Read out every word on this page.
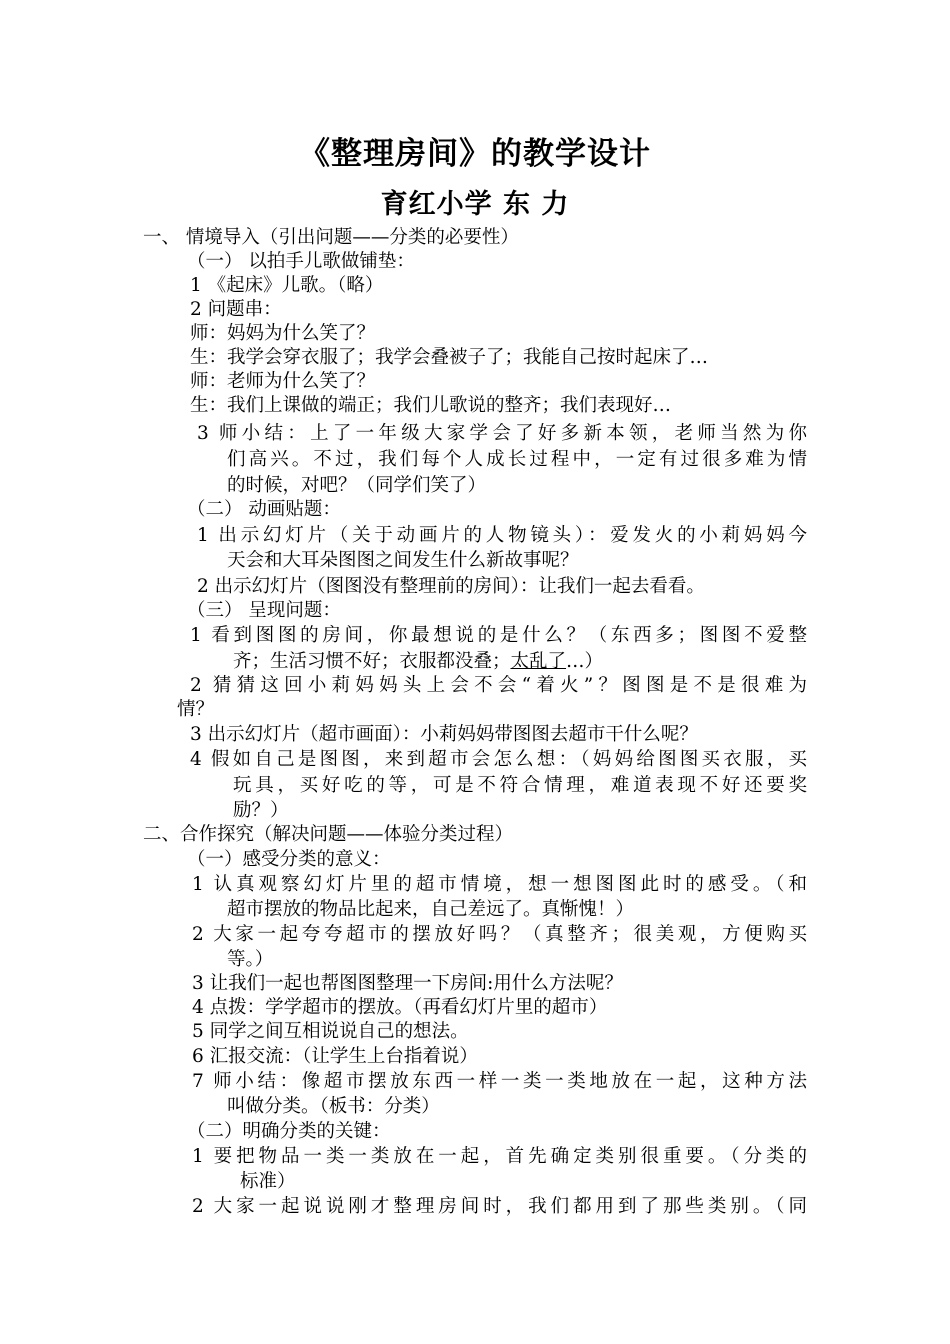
《整理房间》的教学设计
育红小学 东 力
一、 情境导入（引出问题——分类的必要性）
（一） 以拍手儿歌做铺垫：
1 《起床》儿歌。（略）
2 问题串：
师：妈妈为什么笑了？
生：我学会穿衣服了；我学会叠被子了；我能自己按时起床了…
师：老师为什么笑了？
生：我们上课做的端正；我们儿歌说的整齐；我们表现好…
3 师小结：上了一年级大家学会了好多新本领，老师当然为你
们高兴。不过，我们每个人成长过程中，一定有过很多难为情
的时候，对吧？（同学们笑了）
（二） 动画贴题：
1 出示幻灯片（关于动画片的人物镜头）：爱发火的小莉妈妈今
天会和大耳朵图图之间发生什么新故事呢？
2 出示幻灯片（图图没有整理前的房间）：让我们一起去看看。
（三） 呈现问题：
1 看到图图的房间，你最想说的是什么？（东西多；图图不爱整
齐；生活习惯不好；衣服都没叠；太乱了…）
2 猜猜这回小莉妈妈头上会不会“着火”？图图是不是很难为
情？
3 出示幻灯片（超市画面）：小莉妈妈带图图去超市干什么呢？
4 假如自己是图图，来到超市会怎么想：（妈妈给图图买衣服，买
玩具，买好吃的等，可是不符合情理，难道表现不好还要奖
励？）
二、合作探究（解决问题——体验分类过程）
（一）感受分类的意义：
1 认真观察幻灯片里的超市情境，想一想图图此时的感受。（和
超市摆放的物品比起来，自己差远了。真惭愧！）
2 大家一起夸夸超市的摆放好吗？（真整齐；很美观，方便购买
等。）
3 让我们一起也帮图图整理一下房间:用什么方法呢？
4 点拨：学学超市的摆放。（再看幻灯片里的超市）
5 同学之间互相说说自己的想法。
6 汇报交流：（让学生上台指着说）
7 师小结：像超市摆放东西一样一类一类地放在一起，这种方法
叫做分类。（板书：分类）
（二）明确分类的关键：
1 要把物品一类一类放在一起，首先确定类别很重要。（分类的
标准）
2 大家一起说说刚才整理房间时，我们都用到了那些类别。（同
